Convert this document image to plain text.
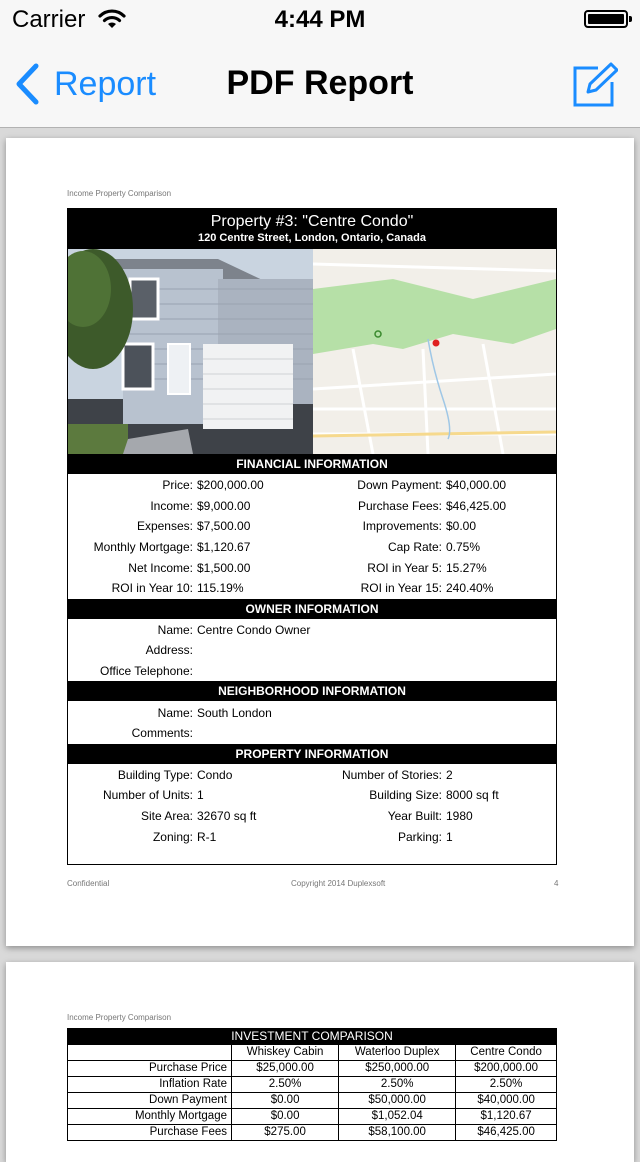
Carrier	4:44 PM
Report	PDF Report
Income Property Comparison
Property #3: "Centre Condo"
120 Centre Street, London, Ontario, Canada
FINANCIAL INFORMATION
Price: $200,000.00	Down Payment: $40,000.00
Income: $9,000.00	Purchase Fees: $46,425.00
Expenses: $7,500.00	Improvements: $0.00
Monthly Mortgage: $1,120.67	Cap Rate: 0.75%
Net Income: $1,500.00	ROI in Year 5: 15.27%
ROI in Year 10: 115.19%	ROI in Year 15: 240.40%
OWNER INFORMATION
Name: Centre Condo Owner
Address:
Office Telephone:
NEIGHBORHOOD INFORMATION
Name: South London
Comments:
PROPERTY INFORMATION
Building Type: Condo	Number of Stories: 2
Number of Units: 1	Building Size: 8000 sq ft
Site Area: 32670 sq ft	Year Built: 1980
Zoning: R-1	Parking: 1
Confidential	Copyright 2014 Duplexsoft	4
Income Property Comparison
INVESTMENT COMPARISON			
	Whiskey Cabin	Waterloo Duplex	Centre Condo
Purchase Price	$25,000.00	$250,000.00	$200,000.00
Inflation Rate	2.50%	2.50%	2.50%
Down Payment	$0.00	$50,000.00	$40,000.00
Monthly Mortgage	$0.00	$1,052.04	$1,120.67
Purchase Fees	$275.00	$58,100.00	$46,425.00
